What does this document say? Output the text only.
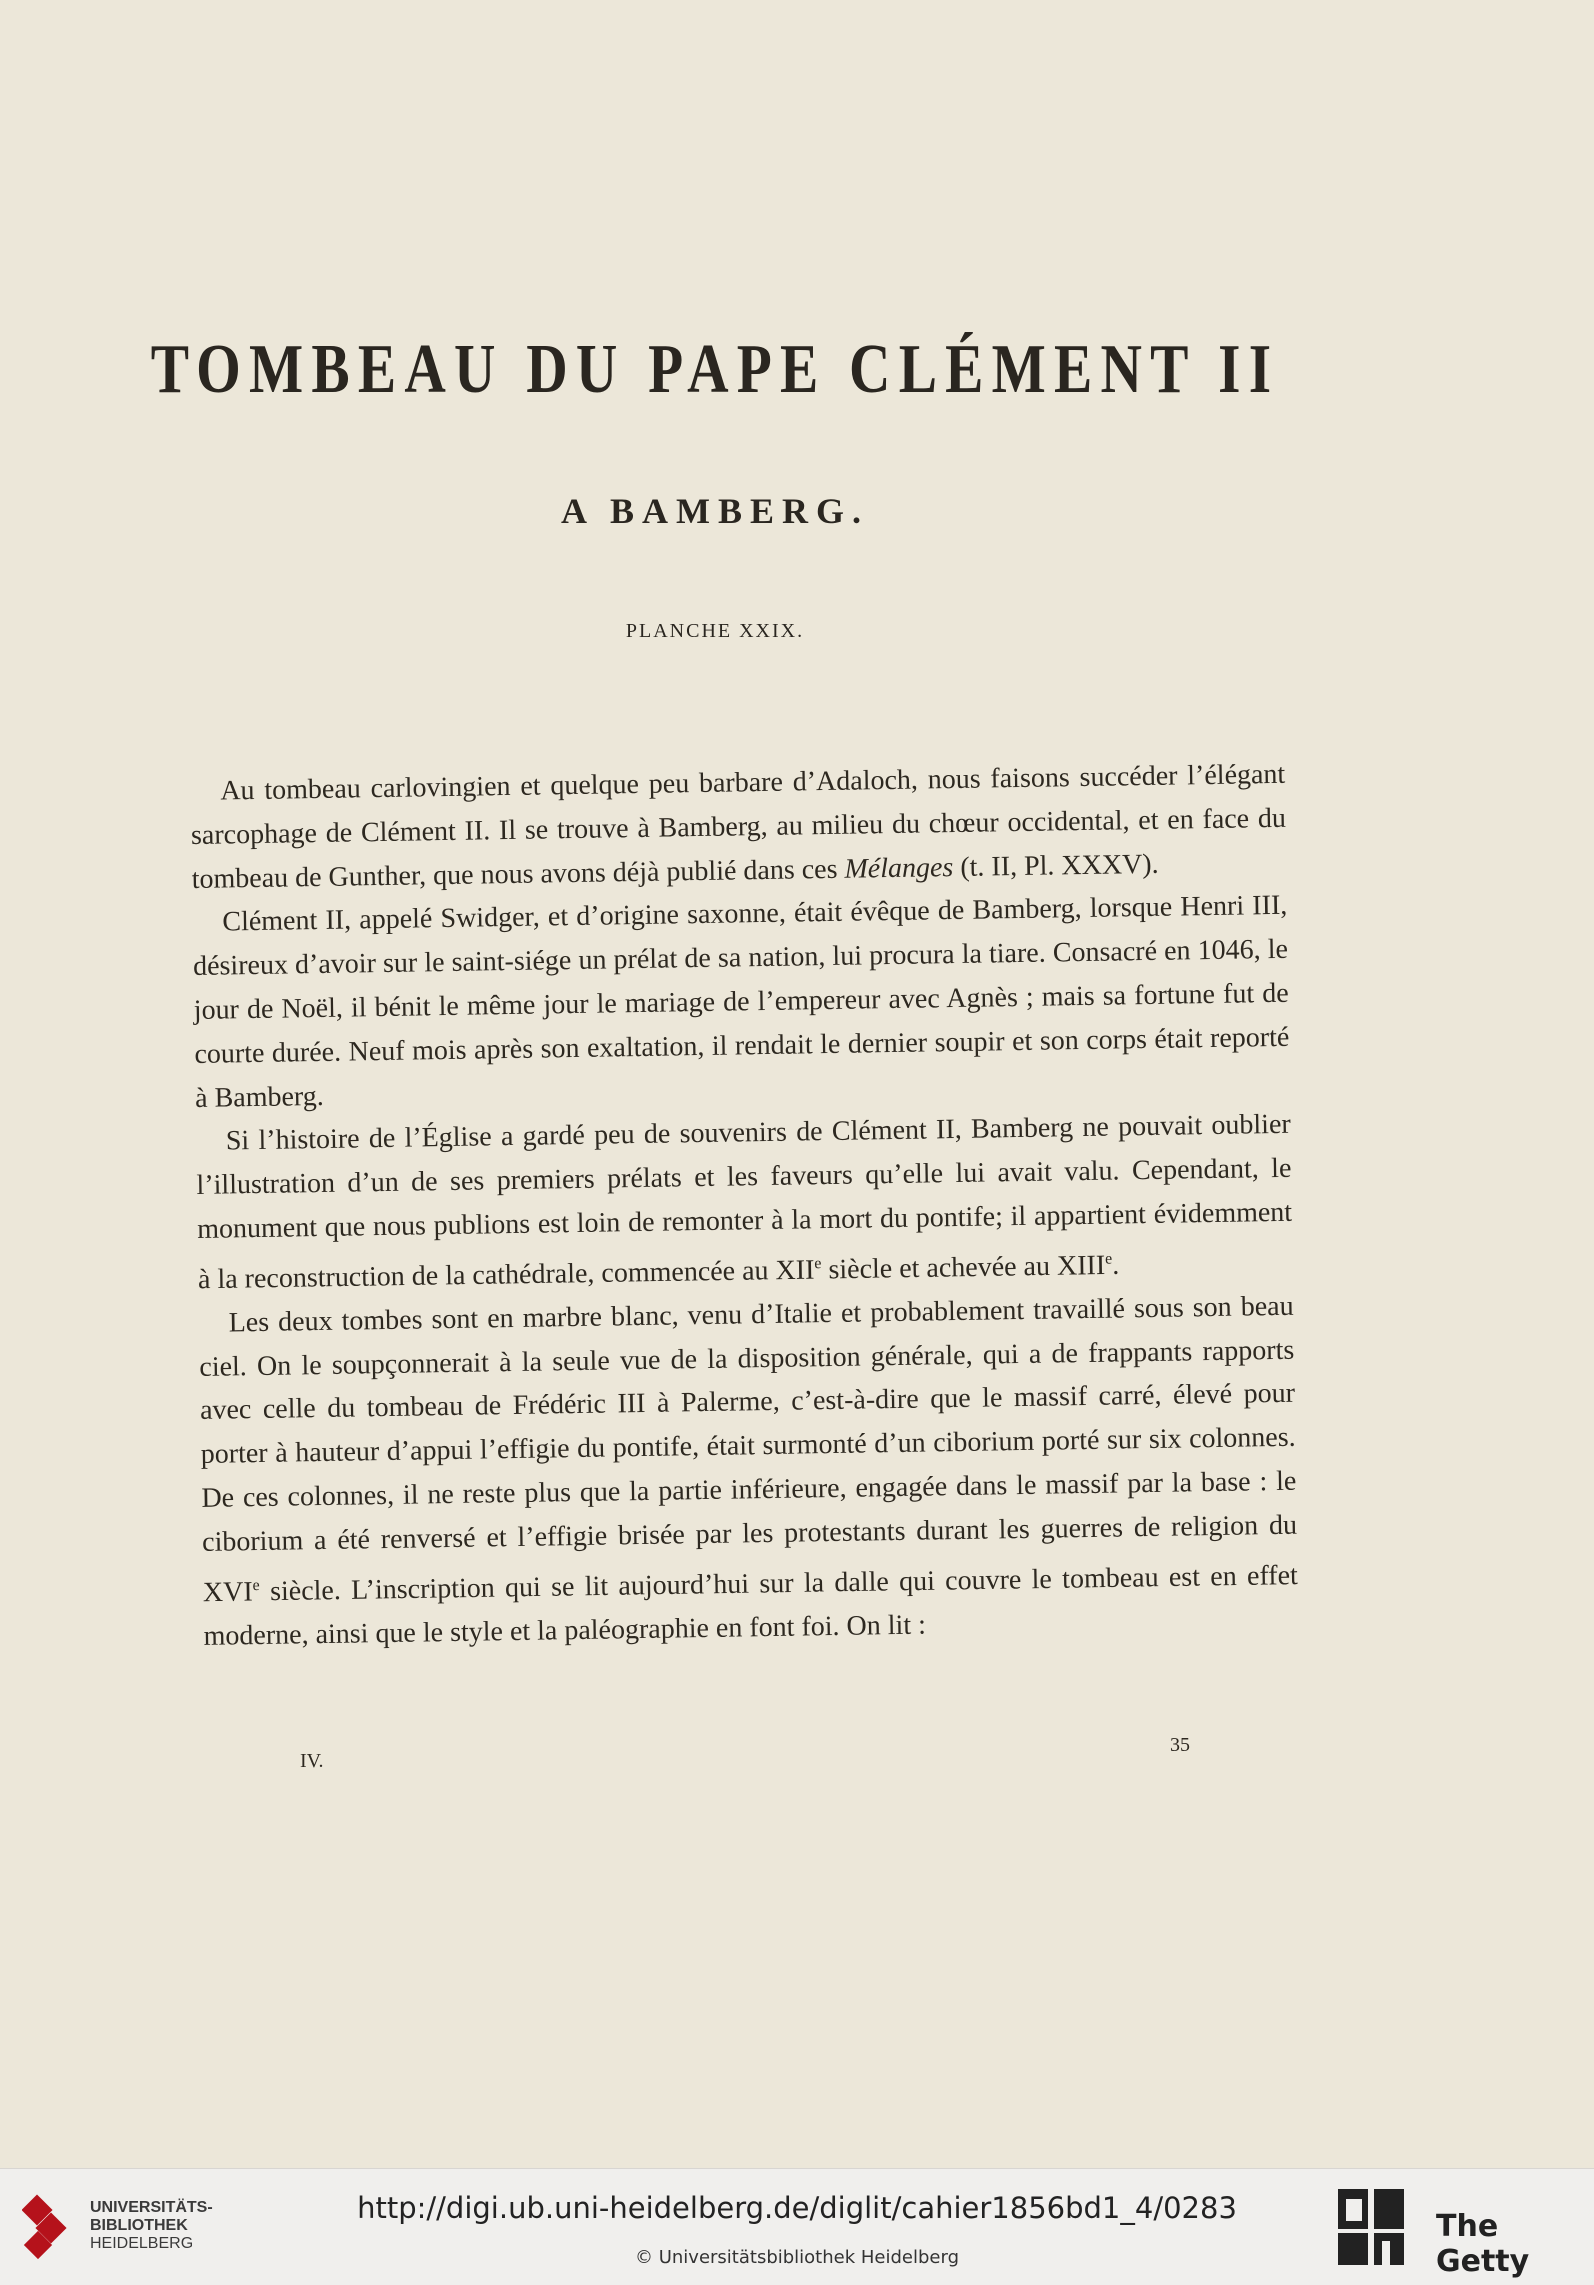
TOMBEAU DU PAPE CLÉMENT II
A BAMBERG.
PLANCHE XXIX.

Au tombeau carlovingien et quelque peu barbare d’Adaloch, nous faisons succéder l’élégant sarcophage de Clément II. Il se trouve à Bamberg, au milieu du chœur occidental, et en face du tombeau de Gunther, que nous avons déjà publié dans ces Mélanges (t. II, Pl. XXXV).

Clément II, appelé Swidger, et d’origine saxonne, était évêque de Bamberg, lorsque Henri III, désireux d’avoir sur le saint-siége un prélat de sa nation, lui procura la tiare. Consacré en 1046, le jour de Noël, il bénit le même jour le mariage de l’empereur avec Agnès ; mais sa fortune fut de courte durée. Neuf mois après son exaltation, il rendait le dernier soupir et son corps était reporté à Bamberg.

Si l’histoire de l’Église a gardé peu de souvenirs de Clément II, Bamberg ne pouvait oublier l’illustration d’un de ses premiers prélats et les faveurs qu’elle lui avait valu. Cependant, le monument que nous publions est loin de remonter à la mort du pontife; il appartient évidemment à la reconstruction de la cathédrale, commencée au XIIe siècle et achevée au XIIIe.

Les deux tombes sont en marbre blanc, venu d’Italie et probablement travaillé sous son beau ciel. On le soupçonnerait à la seule vue de la disposition générale, qui a de frappants rapports avec celle du tombeau de Frédéric III à Palerme, c’est-à-dire que le massif carré, élevé pour porter à hauteur d’appui l’effigie du pontife, était surmonté d’un ciborium porté sur six colonnes. De ces colonnes, il ne reste plus que la partie inférieure, engagée dans le massif par la base : le ciborium a été renversé et l’effigie brisée par les protestants durant les guerres de religion du XVIe siècle. L’inscription qui se lit aujourd’hui sur la dalle qui couvre le tombeau est en effet moderne, ainsi que le style et la paléographie en font foi. On lit :

IV.
35
UNIVERSITÄTS-
BIBLIOTHEK
HEIDELBERG
http://digi.ub.uni-heidelberg.de/diglit/cahier1856bd1_4/0283
© Universitätsbibliothek Heidelberg
The Getty
